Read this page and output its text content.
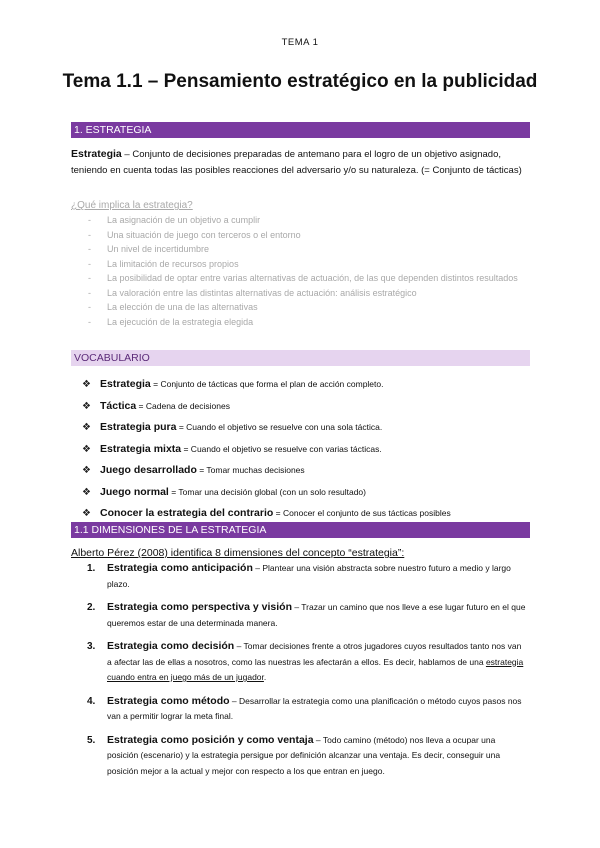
TEMA 1
Tema 1.1 – Pensamiento estratégico en la publicidad
1. ESTRATEGIA
Estrategia – Conjunto de decisiones preparadas de antemano para el logro de un objetivo asignado, teniendo en cuenta todas las posibles reacciones del adversario y/o su naturaleza. (= Conjunto de tácticas)
¿Qué implica la estrategia?
- La asignación de un objetivo a cumplir
- Una situación de juego con terceros o el entorno
- Un nivel de incertidumbre
- La limitación de recursos propios
- La posibilidad de optar entre varias alternativas de actuación, de las que dependen distintos resultados
- La valoración entre las distintas alternativas de actuación: análisis estratégico
- La elección de una de las alternativas
- La ejecución de la estrategia elegida
VOCABULARIO
❖ Estrategia = Conjunto de tácticas que forma el plan de acción completo.
❖ Táctica = Cadena de decisiones
❖ Estrategia pura = Cuando el objetivo se resuelve con una sola táctica.
❖ Estrategia mixta = Cuando el objetivo se resuelve con varias tácticas.
❖ Juego desarrollado = Tomar muchas decisiones
❖ Juego normal = Tomar una decisión global (con un solo resultado)
❖ Conocer la estrategia del contrario = Conocer el conjunto de sus tácticas posibles
1.1 DIMENSIONES DE LA ESTRATEGIA
Alberto Pérez (2008) identifica 8 dimensiones del concepto “estrategia”:
1. Estrategia como anticipación – Plantear una visión abstracta sobre nuestro futuro a medio y largo plazo.
2. Estrategia como perspectiva y visión – Trazar un camino que nos lleve a ese lugar futuro en el que queremos estar de una determinada manera.
3. Estrategia como decisión – Tomar decisiones frente a otros jugadores cuyos resultados tanto nos van a afectar las de ellas a nosotros, como las nuestras les afectarán a ellos. Es decir, hablamos de una estrategia cuando entra en juego más de un jugador.
4. Estrategia como método – Desarrollar la estrategia como una planificación o método cuyos pasos nos van a permitir lograr la meta final.
5. Estrategia como posición y como ventaja – Todo camino (método) nos lleva a ocupar una posición (escenario) y la estrategia persigue por definición alcanzar una ventaja. Es decir, conseguir una posición mejor a la actual y mejor con respecto a los que entran en juego.
